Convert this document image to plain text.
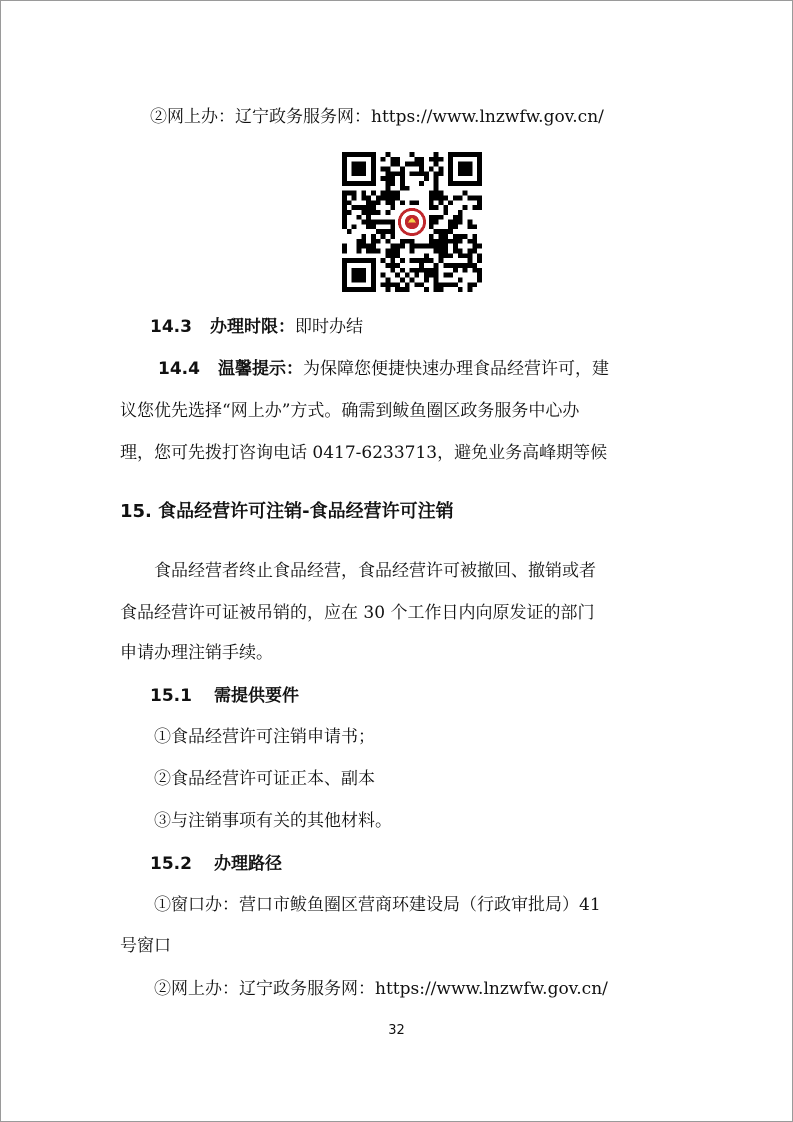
②网上办：辽宁政务服务网：https://www.lnzwfw.gov.cn/
14.3 办理时限：即时办结
14.4 温馨提示：为保障您便捷快速办理食品经营许可，建
议您优先选择“网上办”方式。确需到鲅鱼圈区政务服务中心办
理，您可先拨打咨询电话 0417-6233713，避免业务高峰期等候
15. 食品经营许可注销-食品经营许可注销
食品经营者终止食品经营，食品经营许可被撤回、撤销或者
食品经营许可证被吊销的，应在 30 个工作日内向原发证的部门
申请办理注销手续。
15.1 需提供要件
①食品经营许可注销申请书；
②食品经营许可证正本、副本
③与注销事项有关的其他材料。
15.2 办理路径
①窗口办：营口市鲅鱼圈区营商环建设局（行政审批局）41
号窗口
②网上办：辽宁政务服务网：https://www.lnzwfw.gov.cn/
32
